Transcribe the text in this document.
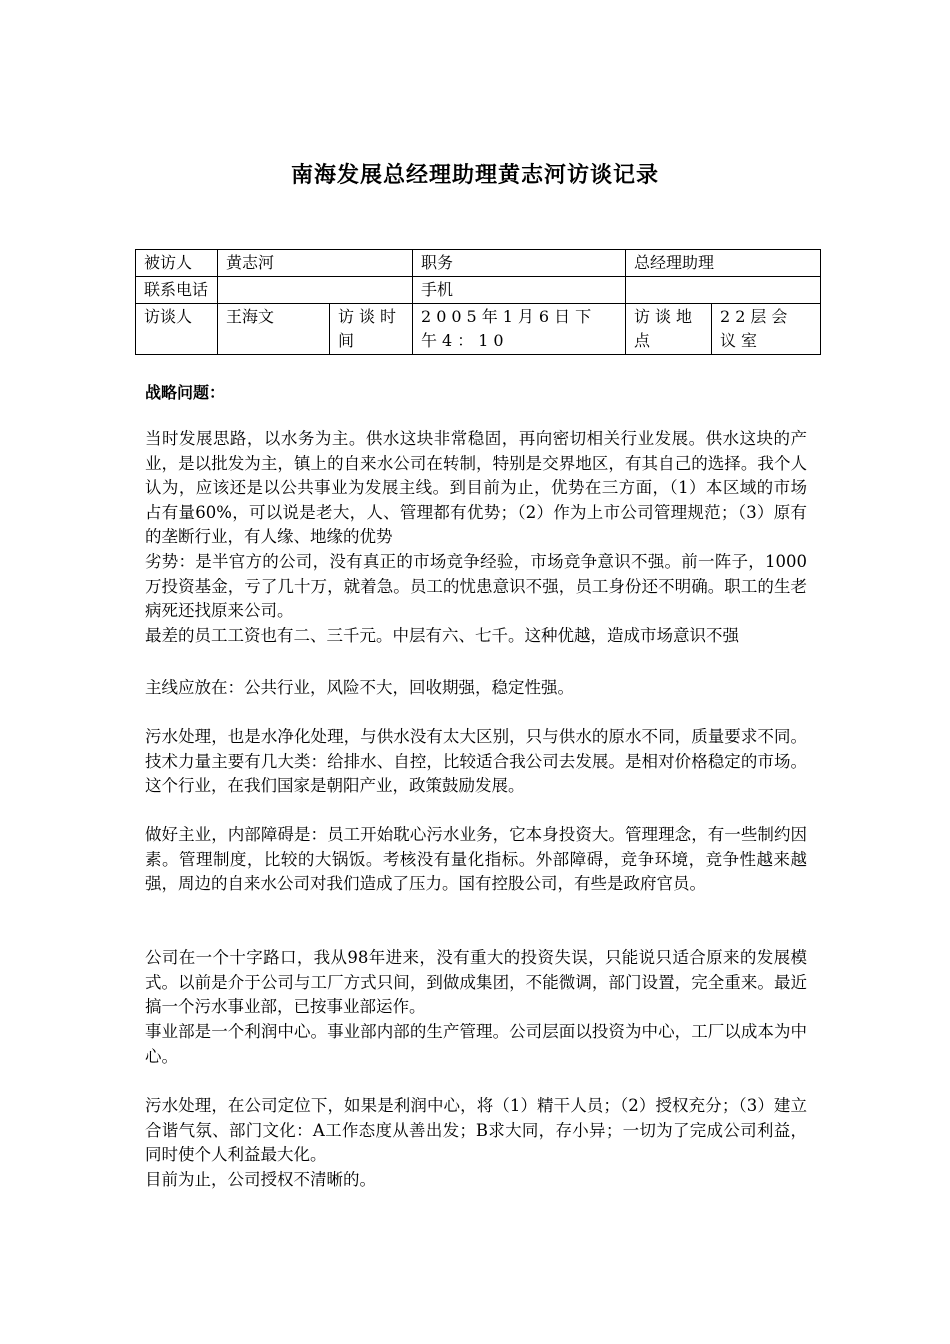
南海发展总经理助理黄志河访谈记录
被访人	黄志河		职务	总经理助理	
联系电话			手机		
访谈人	王海文	访谈时间	2005年1月6日下午4：10	访谈地点	22层会议室
战略问题：
当时发展思路，以水务为主。供水这块非常稳固，再向密切相关行业发展。供水这块的产业，是以批发为主，镇上的自来水公司在转制，特别是交界地区，有其自己的选择。我个人认为，应该还是以公共事业为发展主线。到目前为止，优势在三方面，（1）本区域的市场占有量60%，可以说是老大，人、管理都有优势；（2）作为上市公司管理规范；（3）原有的垄断行业，有人缘、地缘的优势
劣势：是半官方的公司，没有真正的市场竞争经验，市场竞争意识不强。前一阵子，1000万投资基金，亏了几十万，就着急。员工的忧患意识不强，员工身份还不明确。职工的生老病死还找原来公司。
最差的员工工资也有二、三千元。中层有六、七千。这种优越，造成市场意识不强
主线应放在：公共行业，风险不大，回收期强，稳定性强。
污水处理，也是水净化处理，与供水没有太大区别，只与供水的原水不同，质量要求不同。技术力量主要有几大类：给排水、自控，比较适合我公司去发展。是相对价格稳定的市场。这个行业，在我们国家是朝阳产业，政策鼓励发展。
做好主业，内部障碍是：员工开始耽心污水业务，它本身投资大。管理理念，有一些制约因素。管理制度，比较的大锅饭。考核没有量化指标。外部障碍，竞争环境，竞争性越来越强，周边的自来水公司对我们造成了压力。国有控股公司，有些是政府官员。
公司在一个十字路口，我从98年进来，没有重大的投资失误，只能说只适合原来的发展模式。以前是介于公司与工厂方式只间，到做成集团，不能微调，部门设置，完全重来。最近搞一个污水事业部，已按事业部运作。
事业部是一个利润中心。事业部内部的生产管理。公司层面以投资为中心，工厂以成本为中心。
污水处理，在公司定位下，如果是利润中心，将（1）精干人员；（2）授权充分；（3）建立合谐气氛、部门文化：A工作态度从善出发；B求大同，存小异；一切为了完成公司利益，同时使个人利益最大化。
目前为止，公司授权不清晰的。
